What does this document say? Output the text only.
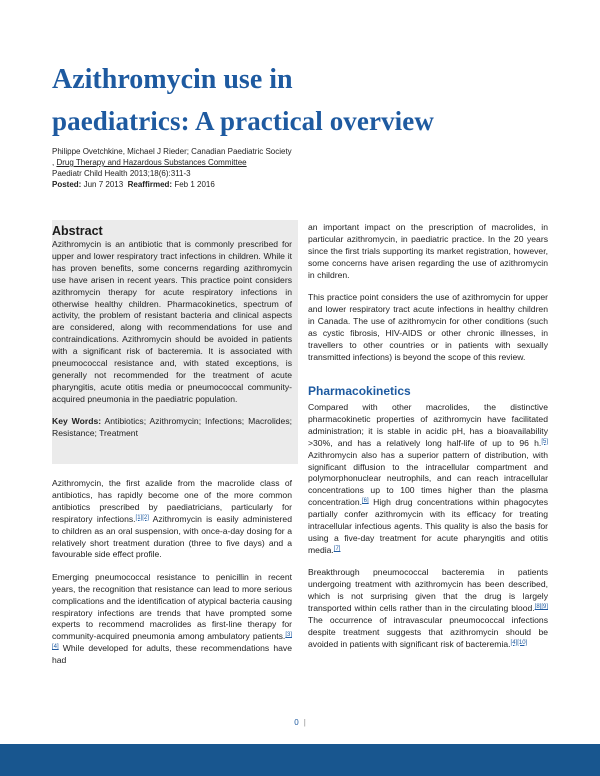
Azithromycin use in
paediatrics: A practical overview
Philippe Ovetchkine, Michael J Rieder; Canadian Paediatric Society
, Drug Therapy and Hazardous Substances Committee
Paediatr Child Health 2013;18(6):311-3
Posted: Jun 7 2013 Reaffirmed: Feb 1 2016
Abstract

Azithromycin is an antibiotic that is commonly prescribed for upper and lower respiratory tract infections in children. While it has proven benefits, some concerns regarding azithromycin use have arisen in recent years. This practice point considers azithromycin therapy for acute respiratory infections in otherwise healthy children. Pharmacokinetics, spectrum of activity, the problem of resistant bacteria and clinical aspects are considered, along with recommendations for use and contraindications. Azithromycin should be avoided in patients with a significant risk of bacteremia. It is associated with pneumococcal resistance and, with stated exceptions, is generally not recommended for the treatment of acute pharyngitis, acute otitis media or pneumococcal community-acquired pneumonia in the paediatric population.

Key Words: Antibiotics; Azithromycin; Infections; Macrolides; Resistance; Treatment

Azithromycin, the first azalide from the macrolide class of antibiotics, has rapidly become one of the more common antibiotics prescribed by paediatricians, particularly for respiratory infections.[1][2] Azithromycin is easily administered to children as an oral suspension, with once-a-day dosing for a relatively short treatment duration (three to five days) and a favourable side effect profile.

Emerging pneumococcal resistance to penicillin in recent years, the recognition that resistance can lead to more serious complications and the identification of atypical bacteria causing respiratory infections are trends that have prompted some experts to recommend macrolides as first-line therapy for community-acquired pneumonia among ambulatory patients.[3][4] While developed for adults, these recommendations have had

an important impact on the prescription of macrolides, in particular azithromycin, in paediatric practice. In the 20 years since the first trials supporting its market registration, however, some concerns have arisen regarding the use of azithromycin in children.

This practice point considers the use of azithromycin for upper and lower respiratory tract acute infections in healthy children in Canada. The use of azithromycin for other conditions (such as cystic fibrosis, HIV-AIDS or other chronic illnesses, in travellers to other countries or in patients with sexually transmitted infections) is beyond the scope of this review.

Pharmacokinetics

Compared with other macrolides, the distinctive pharmacokinetic properties of azithromycin have facilitated administration; it is stable in acidic pH, has a bioavailability >30%, and has a relatively long half-life of up to 96 h.[5] Azithromycin also has a superior pattern of distribution, with significant diffusion to the intracellular compartment and polymorphonuclear neutrophils, and can reach intracellular concentrations up to 100 times higher than the plasma concentration.[6] High drug concentrations within phagocytes partially confer azithromycin with its efficacy for treating intracellular infectious agents. This quality is also the basis for using a five-day treatment for acute pharyngitis and otitis media.[7]

Breakthrough pneumococcal bacteremia in patients undergoing treatment with azithromycin has been described, which is not surprising given that the drug is largely transported within cells rather than in the circulating blood.[8][9] The occurrence of intravascular pneumococcal infections despite treatment suggests that azithromycin should be avoided in patients with significant risk of bacteremia.[4][10]

0 |
